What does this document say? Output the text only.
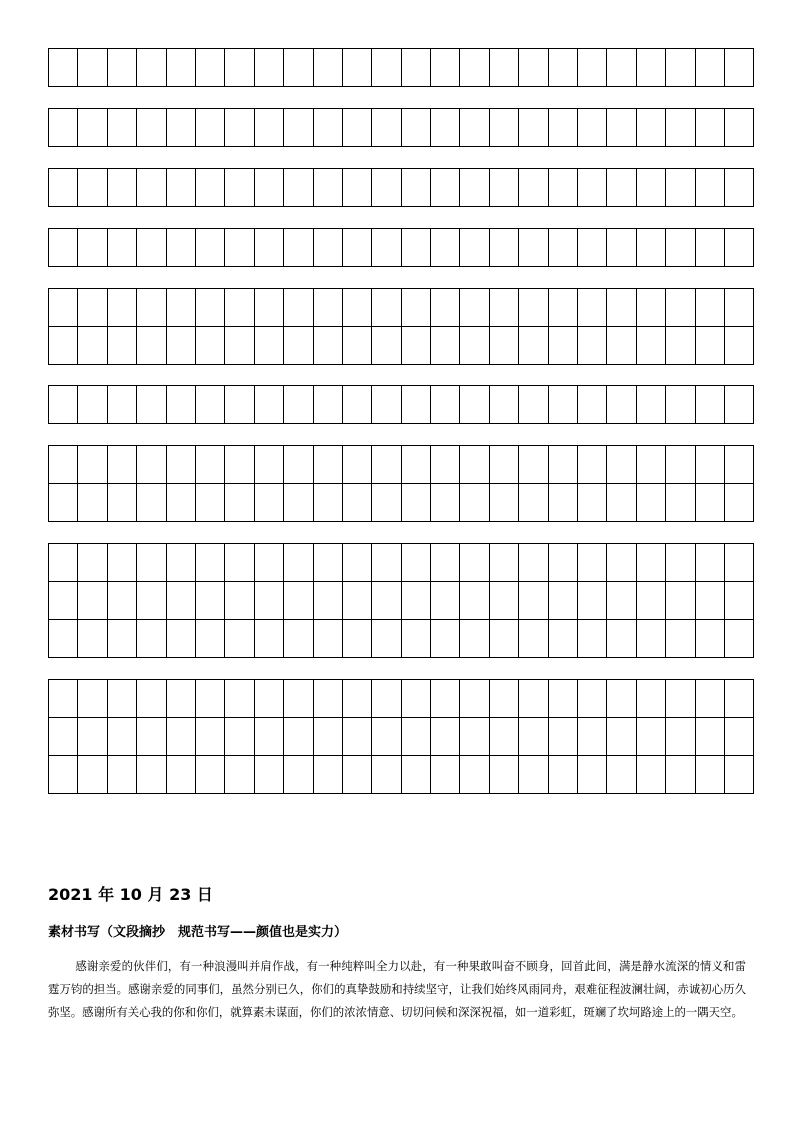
2021 年 10 月 23 日
素材书写（文段摘抄　规范书写——颜值也是实力）

感谢亲爱的伙伴们，有一种浪漫叫并肩作战，有一种纯粹叫全力以赴，有一种果敢叫奋不顾身，回首此间，满是静水流深的情义和雷霆万钧的担当。感谢亲爱的同事们，虽然分别已久，你们的真挚鼓励和持续坚守，让我们始终风雨同舟，艰难征程波澜壮阔，赤诚初心历久弥坚。感谢所有关心我的你和你们，就算素未谋面，你们的浓浓情意、切切问候和深深祝福，如一道彩虹，斑斓了坎坷路途上的一隅天空。
